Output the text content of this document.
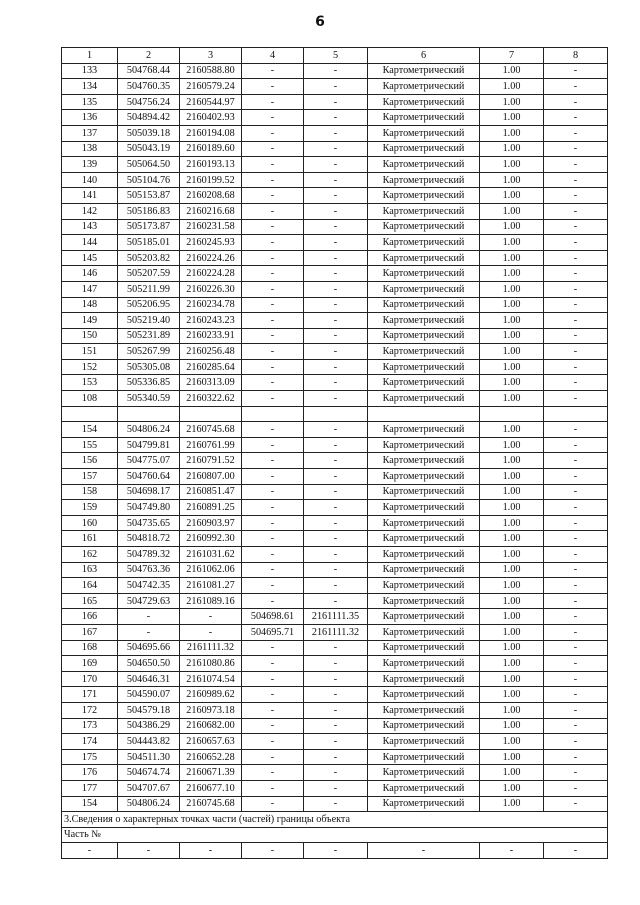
6
1	2	3	4	5	6	7	8
133	504768.44	2160588.80	-	-	Картометрический	1.00	-
134	504760.35	2160579.24	-	-	Картометрический	1.00	-
135	504756.24	2160544.97	-	-	Картометрический	1.00	-
136	504894.42	2160402.93	-	-	Картометрический	1.00	-
137	505039.18	2160194.08	-	-	Картометрический	1.00	-
138	505043.19	2160189.60	-	-	Картометрический	1.00	-
139	505064.50	2160193.13	-	-	Картометрический	1.00	-
140	505104.76	2160199.52	-	-	Картометрический	1.00	-
141	505153.87	2160208.68	-	-	Картометрический	1.00	-
142	505186.83	2160216.68	-	-	Картометрический	1.00	-
143	505173.87	2160231.58	-	-	Картометрический	1.00	-
144	505185.01	2160245.93	-	-	Картометрический	1.00	-
145	505203.82	2160224.26	-	-	Картометрический	1.00	-
146	505207.59	2160224.28	-	-	Картометрический	1.00	-
147	505211.99	2160226.30	-	-	Картометрический	1.00	-
148	505206.95	2160234.78	-	-	Картометрический	1.00	-
149	505219.40	2160243.23	-	-	Картометрический	1.00	-
150	505231.89	2160233.91	-	-	Картометрический	1.00	-
151	505267.99	2160256.48	-	-	Картометрический	1.00	-
152	505305.08	2160285.64	-	-	Картометрический	1.00	-
153	505336.85	2160313.09	-	-	Картометрический	1.00	-
108	505340.59	2160322.62	-	-	Картометрический	1.00	-

154	504806.24	2160745.68	-	-	Картометрический	1.00	-
155	504799.81	2160761.99	-	-	Картометрический	1.00	-
156	504775.07	2160791.52	-	-	Картометрический	1.00	-
157	504760.64	2160807.00	-	-	Картометрический	1.00	-
158	504698.17	2160851.47	-	-	Картометрический	1.00	-
159	504749.80	2160891.25	-	-	Картометрический	1.00	-
160	504735.65	2160903.97	-	-	Картометрический	1.00	-
161	504818.72	2160992.30	-	-	Картометрический	1.00	-
162	504789.32	2161031.62	-	-	Картометрический	1.00	-
163	504763.36	2161062.06	-	-	Картометрический	1.00	-
164	504742.35	2161081.27	-	-	Картометрический	1.00	-
165	504729.63	2161089.16	-	-	Картометрический	1.00	-
166	-	-	504698.61	2161111.35	Картометрический	1.00	-
167	-	-	504695.71	2161111.32	Картометрический	1.00	-
168	504695.66	2161111.32	-	-	Картометрический	1.00	-
169	504650.50	2161080.86	-	-	Картометрический	1.00	-
170	504646.31	2161074.54	-	-	Картометрический	1.00	-
171	504590.07	2160989.62	-	-	Картометрический	1.00	-
172	504579.18	2160973.18	-	-	Картометрический	1.00	-
173	504386.29	2160682.00	-	-	Картометрический	1.00	-
174	504443.82	2160657.63	-	-	Картометрический	1.00	-
175	504511.30	2160652.28	-	-	Картометрический	1.00	-
176	504674.74	2160671.39	-	-	Картометрический	1.00	-
177	504707.67	2160677.10	-	-	Картометрический	1.00	-
154	504806.24	2160745.68	-	-	Картометрический	1.00	-
3.Сведения о характерных точках части (частей) границы объекта							
Часть №							
-	-	-	-	-	-	-	-
